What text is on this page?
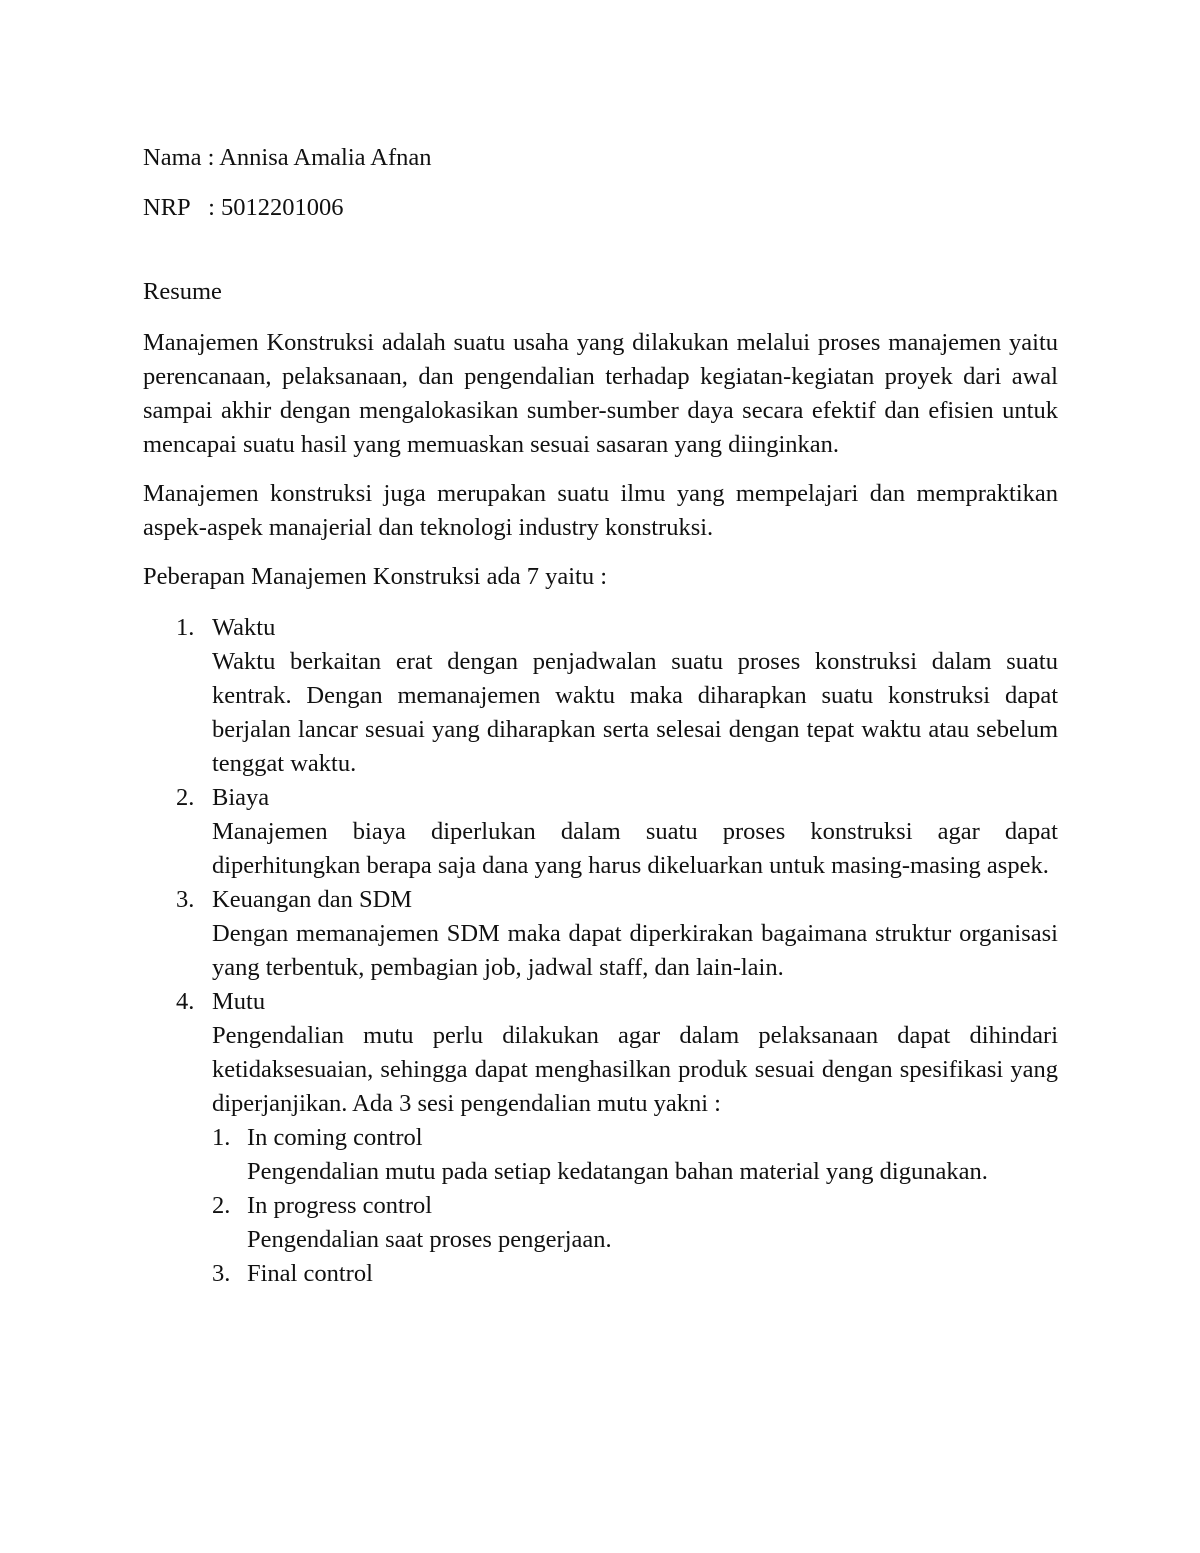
Nama : Annisa Amalia Afnan

NRP   : 5012201006

Resume

Manajemen Konstruksi adalah suatu usaha yang dilakukan melalui proses manajemen yaitu perencanaan, pelaksanaan, dan pengendalian terhadap kegiatan-kegiatan proyek dari awal sampai akhir dengan mengalokasikan sumber-sumber daya secara efektif dan efisien untuk mencapai suatu hasil yang memuaskan sesuai sasaran yang diinginkan.

Manajemen konstruksi juga merupakan suatu ilmu yang mempelajari dan mempraktikan aspek-aspek manajerial dan teknologi industry konstruksi.

Peberapan Manajemen Konstruksi ada 7 yaitu :

1. Waktu
Waktu berkaitan erat dengan penjadwalan suatu proses konstruksi dalam suatu kentrak. Dengan memanajemen waktu maka diharapkan suatu konstruksi dapat berjalan lancar sesuai yang diharapkan serta selesai dengan tepat waktu atau sebelum tenggat waktu.
2. Biaya
Manajemen biaya diperlukan dalam suatu proses konstruksi agar dapat diperhitungkan berapa saja dana yang harus dikeluarkan untuk masing-masing aspek.
3. Keuangan dan SDM
Dengan memanajemen SDM maka dapat diperkirakan bagaimana struktur organisasi yang terbentuk, pembagian job, jadwal staff, dan lain-lain.
4. Mutu
Pengendalian mutu perlu dilakukan agar dalam pelaksanaan dapat dihindari ketidaksesuaian, sehingga dapat menghasilkan produk sesuai dengan spesifikasi yang diperjanjikan. Ada 3 sesi pengendalian mutu yakni :
1. In coming control
Pengendalian mutu pada setiap kedatangan bahan material yang digunakan.
2. In progress control
Pengendalian saat proses pengerjaan.
3. Final control
